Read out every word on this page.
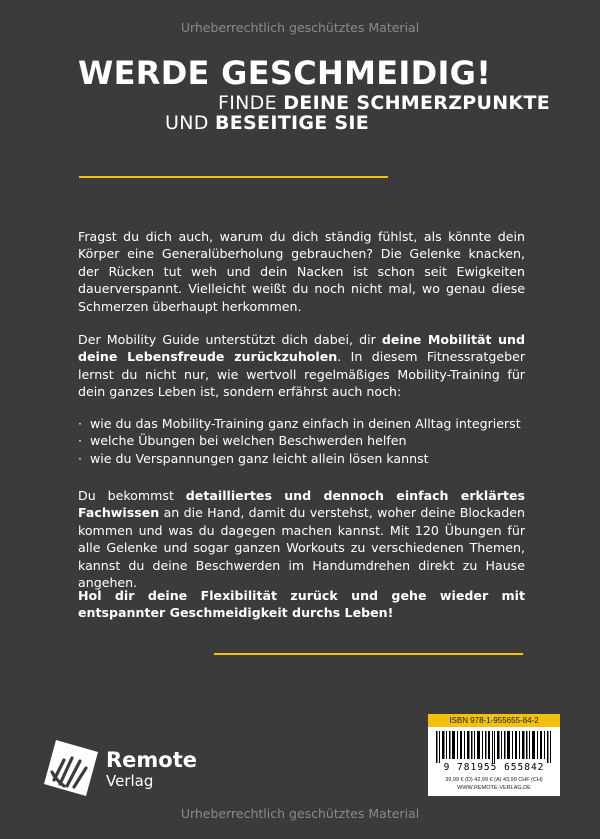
Urheberrechtlich geschütztes Material
WERDE GESCHMEIDIG!
FINDE DEINE SCHMERZPUNKTE
UND BESEITIGE SIE
Fragst du dich auch, warum du dich ständig fühlst, als könnte dein Körper eine Generalüberholung gebrauchen? Die Gelenke knacken, der Rücken tut weh und dein Nacken ist schon seit Ewigkeiten dauerverspannt. Vielleicht weißt du noch nicht mal, wo genau diese Schmerzen überhaupt herkommen.
Der Mobility Guide unterstützt dich dabei, dir deine Mobilität und deine Lebensfreude zurückzuholen. In diesem Fitnessratgeber lernst du nicht nur, wie wertvoll regelmäßiges Mobility-Training für dein ganzes Leben ist, sondern erfährst auch noch:
· wie du das Mobility-Training ganz einfach in deinen Alltag integrierst
· welche Übungen bei welchen Beschwerden helfen
· wie du Verspannungen ganz leicht allein lösen kannst
Du bekommst detailliertes und dennoch einfach erklärtes Fachwissen an die Hand, damit du verstehst, woher deine Blockaden kommen und was du dagegen machen kannst. Mit 120 Übungen für alle Gelenke und sogar ganzen Workouts zu verschiedenen Themen, kannst du deine Beschwerden im Handumdrehen direkt zu Hause angehen.
Hol dir deine Flexibilität zurück und gehe wieder mit entspannter Geschmeidigkeit durchs Leben!
Remote
Verlag
ISBN 978-1-955655-84-2
9 781955 655842
39,99 € (D) 42,99 € (A) 43,99 CHF (CH)
WWW.REMOTE-VERLAG.DE
Urheberrechtlich geschütztes Material
